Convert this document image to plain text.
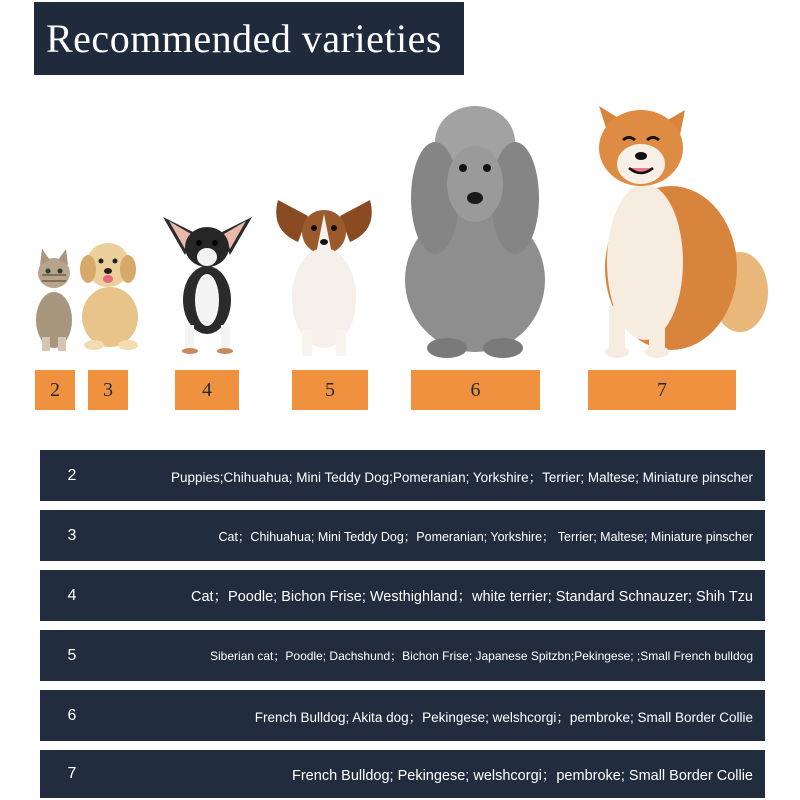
Recommended varieties
2	3	4	5	6	7
2	Puppies;Chihuahua; Mini Teddy Dog;Pomeranian; Yorkshire；Terrier; Maltese; Miniature pinscher
3	Cat；Chihuahua; Mini Teddy Dog；Pomeranian; Yorkshire； Terrier; Maltese; Miniature pinscher
4	Cat；Poodle; Bichon Frise; Westhighland；white terrier; Standard Schnauzer; Shih Tzu
5	Siberian cat；Poodle; Dachshund；Bichon Frise; Japanese Spitzbn;Pekingese; ;Small French bulldog
6	French Bulldog; Akita dog；Pekingese; welshcorgi；pembroke; Small Border Collie
7	French Bulldog; Pekingese; welshcorgi；pembroke; Small Border Collie
